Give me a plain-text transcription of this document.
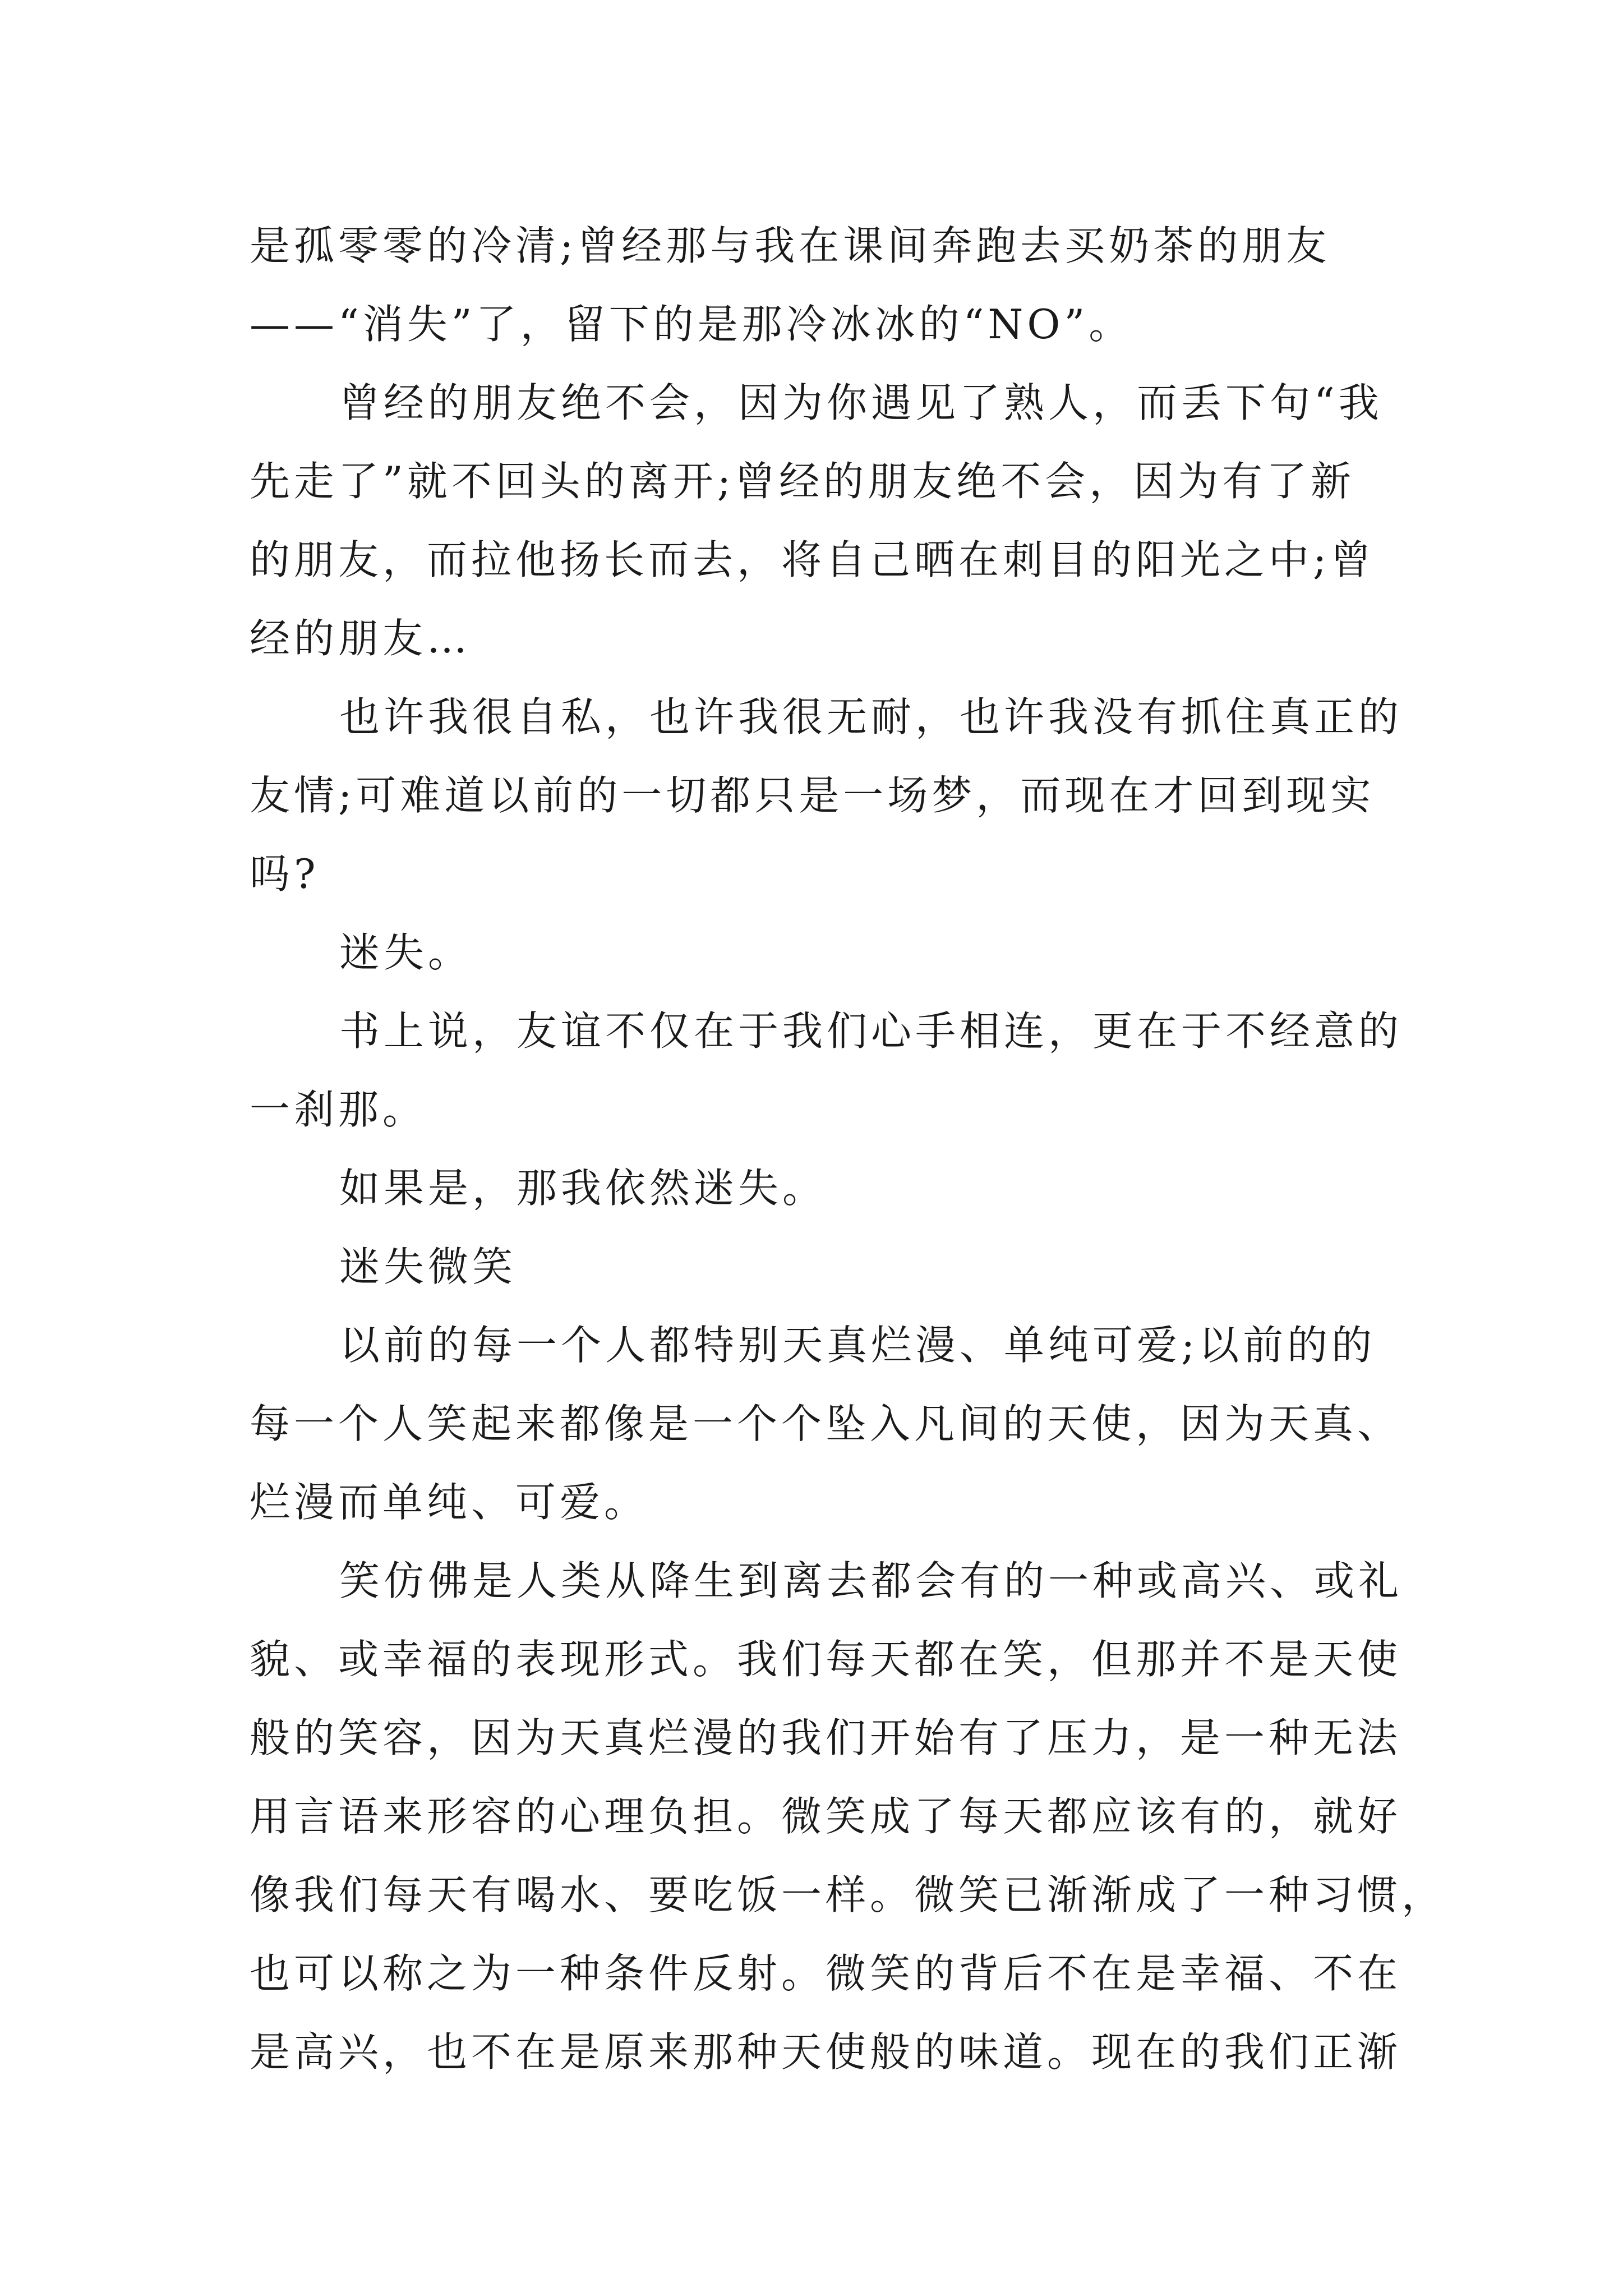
是孤零零的冷清;曾经那与我在课间奔跑去买奶茶的朋友
——“消失”了，留下的是那冷冰冰的“NO”。
曾经的朋友绝不会，因为你遇见了熟人，而丢下句“我
先走了”就不回头的离开;曾经的朋友绝不会，因为有了新
的朋友，而拉他扬长而去，将自己晒在刺目的阳光之中;曾
经的朋友…
也许我很自私，也许我很无耐，也许我没有抓住真正的
友情;可难道以前的一切都只是一场梦，而现在才回到现实
吗?
迷失。
书上说，友谊不仅在于我们心手相连，更在于不经意的
一刹那。
如果是，那我依然迷失。
迷失微笑
以前的每一个人都特别天真烂漫、单纯可爱;以前的的
每一个人笑起来都像是一个个坠入凡间的天使，因为天真、
烂漫而单纯、可爱。
笑仿佛是人类从降生到离去都会有的一种或高兴、或礼
貌、或幸福的表现形式。我们每天都在笑，但那并不是天使
般的笑容，因为天真烂漫的我们开始有了压力，是一种无法
用言语来形容的心理负担。微笑成了每天都应该有的，就好
像我们每天有喝水、要吃饭一样。微笑已渐渐成了一种习惯，
也可以称之为一种条件反射。微笑的背后不在是幸福、不在
是高兴，也不在是原来那种天使般的味道。现在的我们正渐
